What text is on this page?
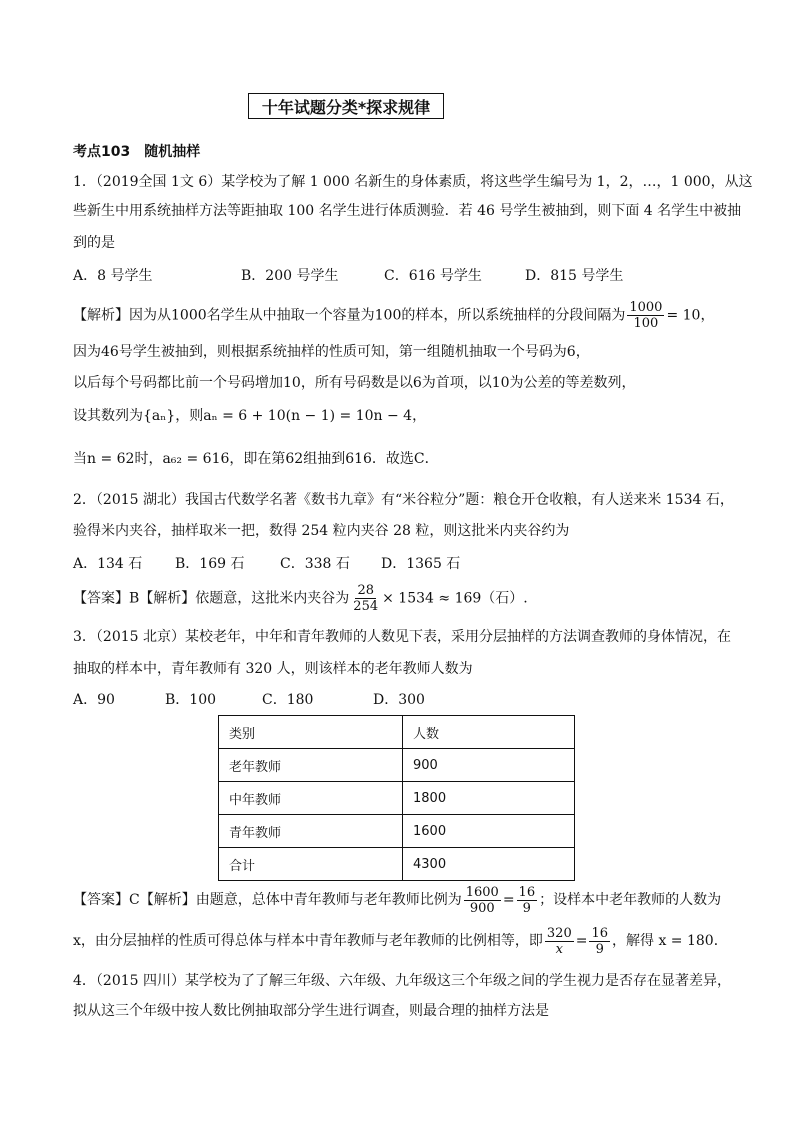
十年试题分类*探求规律
考点103　随机抽样
1．（2019全国 1文 6）某学校为了解 1 000 名新生的身体素质，将这些学生编号为 1，2，…，1 000，从这
些新生中用系统抽样方法等距抽取 100 名学生进行体质测验．若 46 号学生被抽到，则下面 4 名学生中被抽
到的是
A．8 号学生	B．200 号学生	C．616 号学生	D．815 号学生
【解析】因为从1000名学生从中抽取一个容量为100的样本，所以系统抽样的分段间隔为 $\frac{1000}{100} = 10$，
因为46号学生被抽到，则根据系统抽样的性质可知，第一组随机抽取一个号码为6，
以后每个号码都比前一个号码增加10，所有号码数是以6为首项，以10为公差的等差数列，
设其数列为{aₙ}，则aₙ = 6 + 10(n − 1) = 10n − 4，
当n = 62时，a₆₂ = 616，即在第62组抽到616．故选C．
2．（2015 湖北）我国古代数学名著《数书九章》有“米谷粒分”题：粮仓开仓收粮，有人送来米 1534 石，
验得米内夹谷，抽样取米一把，数得 254 粒内夹谷 28 粒，则这批米内夹谷约为
A．134 石 B．169 石	C．338 石 D．1365 石
【答案】B【解析】依题意，这批米内夹谷为 $\frac{28}{254} \times 1534 \approx 169$（石）.
3．（2015 北京）某校老年，中年和青年教师的人数见下表，采用分层抽样的方法调查教师的身体情况，在
抽取的样本中，青年教师有 320 人，则该样本的老年教师人数为
A．90	B．100	C．180	D．300
类别	人数
老年教师	900
中年教师	1800
青年教师	1600
合计	4300
【答案】C【解析】由题意，总体中青年教师与老年教师比例为 $\frac{1600}{900} = \frac{16}{9}$ ；设样本中老年教师的人数为
x，由分层抽样的性质可得总体与样本中青年教师与老年教师的比例相等，即 $\frac{320}{x} = \frac{16}{9}$ ，解得 x = 180．
4．（2015 四川）某学校为了了解三年级、六年级、九年级这三个年级之间的学生视力是否存在显著差异，
拟从这三个年级中按人数比例抽取部分学生进行调查，则最合理的抽样方法是
